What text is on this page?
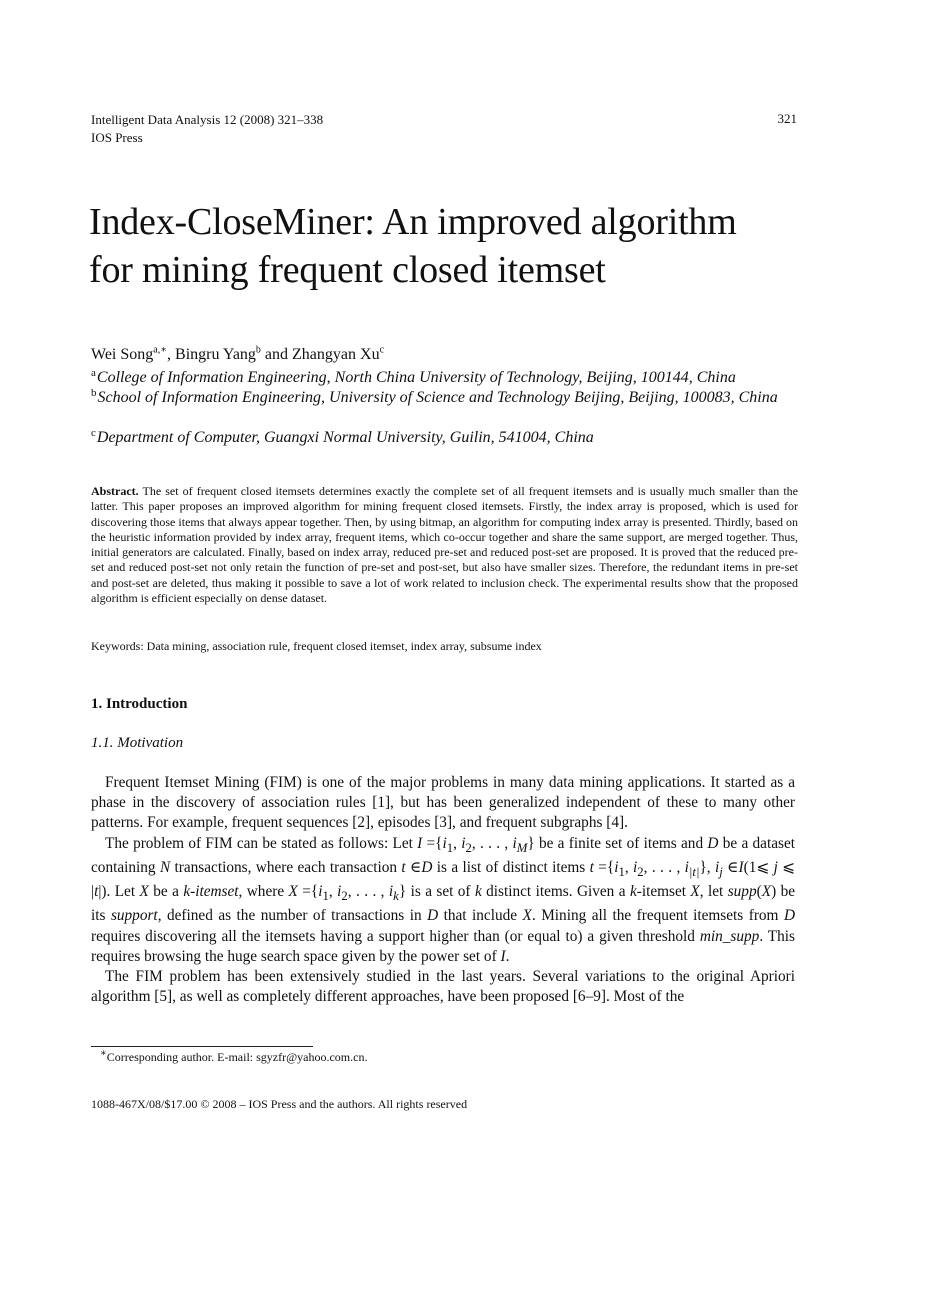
Intelligent Data Analysis 12 (2008) 321–338
IOS Press
321
Index-CloseMiner: An improved algorithm
for mining frequent closed itemset
Wei Song$^{a,∗}$, Bingru Yang$^b$ and Zhangyan Xu$^c$
$^a$College of Information Engineering, North China University of Technology, Beijing, 100144, China
$^b$School of Information Engineering, University of Science and Technology Beijing, Beijing, 100083, China
$^c$Department of Computer, Guangxi Normal University, Guilin, 541004, China
Abstract. The set of frequent closed itemsets determines exactly the complete set of all frequent itemsets and is usually much smaller than the latter. This paper proposes an improved algorithm for mining frequent closed itemsets. Firstly, the index array is proposed, which is used for discovering those items that always appear together. Then, by using bitmap, an algorithm for computing index array is presented. Thirdly, based on the heuristic information provided by index array, frequent items, which co-occur together and share the same support, are merged together. Thus, initial generators are calculated. Finally, based on index array, reduced pre-set and reduced post-set are proposed. It is proved that the reduced pre-set and reduced post-set not only retain the function of pre-set and post-set, but also have smaller sizes. Therefore, the redundant items in pre-set and post-set are deleted, thus making it possible to save a lot of work related to inclusion check. The experimental results show that the proposed algorithm is efficient especially on dense dataset.
Keywords: Data mining, association rule, frequent closed itemset, index array, subsume index
1. Introduction
1.1. Motivation

Frequent Itemset Mining (FIM) is one of the major problems in many data mining applications. It started as a phase in the discovery of association rules [1], but has been generalized independent of these to many other patterns. For example, frequent sequences [2], episodes [3], and frequent subgraphs [4].

The problem of FIM can be stated as follows: Let $I =\{i_1$, $i_2$, . . . , $i_M$} be a finite set of items and D be a dataset containing N transactions, where each transaction t ∈D is a list of distinct items $t =\{i_1$, $i_2$, . . . , $i_{|t|}$}, $i_j$ ∈I(1⩽ j ⩽ |t|). Let X be a k-itemset, where $X =\{i_1$, $i_2$, . . . , $i_k$} is a set of k distinct items. Given a k-itemset X, let supp(X) be its support, defined as the number of transactions in D that include X. Mining all the frequent itemsets from D requires discovering all the itemsets having a support higher than (or equal to) a given threshold min_supp. This requires browsing the huge search space given by the power set of I.

The FIM problem has been extensively studied in the last years. Several variations to the original Apriori algorithm [5], as well as completely different approaches, have been proposed [6–9]. Most of the

∗Corresponding author. E-mail: sgyzfr@yahoo.com.cn.
1088-467X/08/$17.00 © 2008 – IOS Press and the authors. All rights reserved
